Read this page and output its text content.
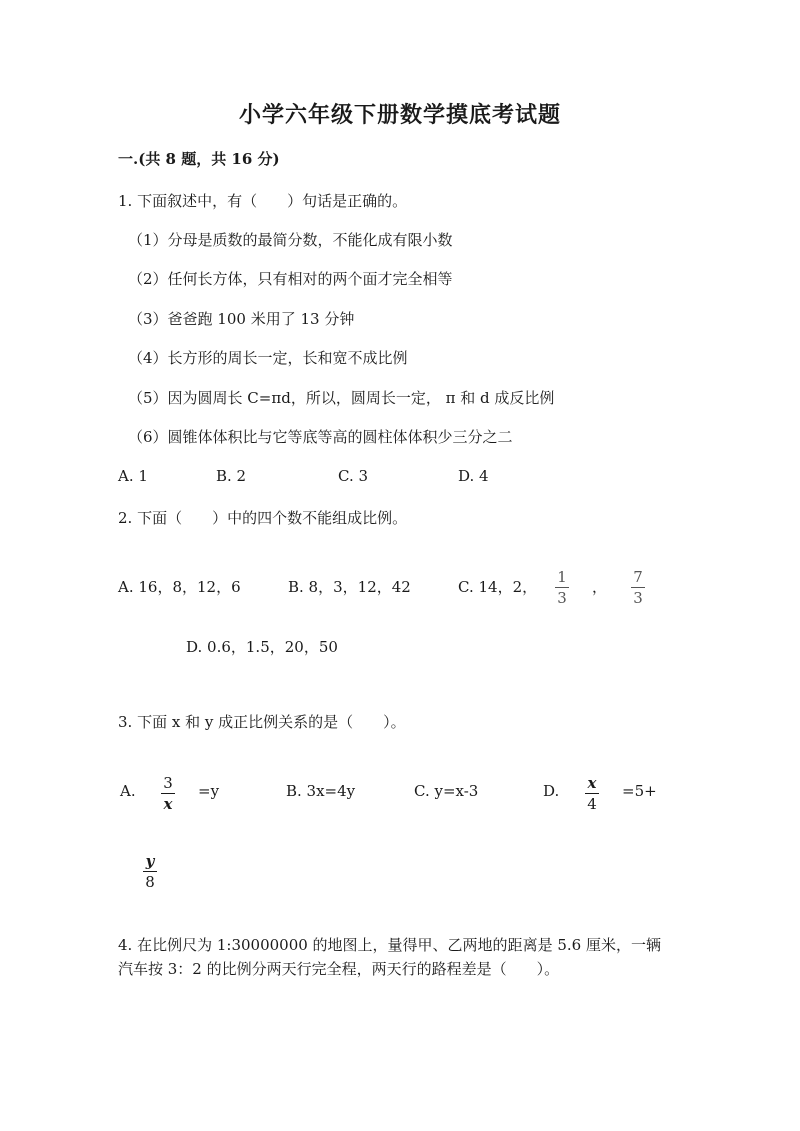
小学六年级下册数学摸底考试题
一.(共 8 题，共 16 分)
1. 下面叙述中，有（　　）句话是正确的。
（1）分母是质数的最简分数，不能化成有限小数
（2）任何长方体，只有相对的两个面才完全相等
（3）爸爸跑 100 米用了 13 分钟
（4）长方形的周长一定，长和宽不成比例
（5）因为圆周长 C=πd，所以，圆周长一定， π 和 d 成反比例
（6）圆锥体体积比与它等底等高的圆柱体体积少三分之二
A. 1	B. 2	C. 3	D. 4
2. 下面（　　）中的四个数不能组成比例。
A. 16，8，12，6	B. 8，3，12，42	C. 14，2，
1
3
，
7
3
D. 0.6，1.5，20，50
3. 下面 x 和 y 成正比例关系的是（　　）。
A. 3
x
=y	B. 3x=4y	C. y=x-3	D. x
4
=5+
y
8
4. 在比例尺为 1:30000000 的地图上，量得甲、乙两地的距离是 5.6 厘米，一辆
汽车按 3：2 的比例分两天行完全程，两天行的路程差是（　　）。
